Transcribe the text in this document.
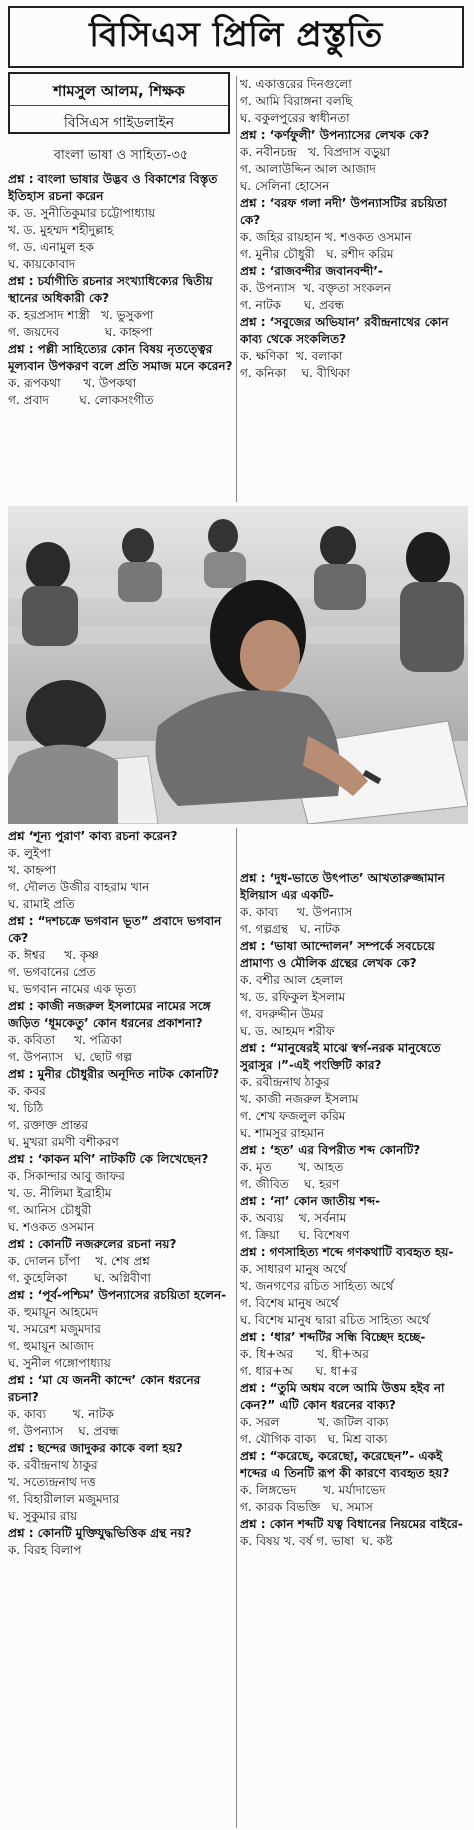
বিসিএস প্রিলি প্রস্তুতি
শামসুল আলম, শিক্ষক
বিসিএস গাইডলাইন
বাংলা ভাষা ও সাহিত্য-৩৫
প্রশ্ন : বাংলা ভাষার উদ্ভব ও বিকাশের বিস্তৃত ইতিহাস রচনা করেন
ক. ড. সুনীতিকুমার চট্টোপাধ্যায়
খ. ড. মুহম্মদ শহীদুল্লাহ
গ. ড. এনামুল হক
ঘ. কায়কোবাদ
প্রশ্ন : চর্যাগীতি রচনার সংখ্যাধিক্যের দ্বিতীয় স্থানের অধিকারী কে?
ক. হরপ্রসাদ শাস্ত্রী   খ. ভুসুকপা
গ. জয়দেব            ঘ. কাহ্নপা
প্রশ্ন : পল্লী সাহিত্যের কোন বিষয় নৃতত্ত্বের মূল্যবান উপকরণ বলে প্রতি সমাজ মনে করেন?
ক. রূপকথা      খ. উপকথা
গ. প্রবাদ        ঘ. লোকসংগীত
খ. একাত্তরের দিনগুলো
গ. আমি বিরাঙ্গনা বলছি
ঘ. বকুলপুরের স্বাধীনতা
প্রশ্ন : ‘কর্ণফুলী’ উপন্যাসের লেখক কে?
ক. নবীনচন্দ্র   খ. বিপ্রদাস বড়ুয়া
গ. আলাউদ্দিন আল আজাদ
ঘ. সেলিনা হোসেন
প্রশ্ন : ‘বরফ গলা নদী’ উপন্যাসটির রচয়িতা কে?
ক. জহির রায়হান খ. শওকত ওসমান
গ. মুনীর চৌধুরী   ঘ. রশীদ করিম
প্রশ্ন : ‘রাজবন্দীর জবানবন্দী’-
ক. উপন্যাস  খ. বক্তৃতা সংকলন
গ. নাটক      ঘ. প্রবন্ধ
প্রশ্ন : ‘সবুজের অভিযান’ রবীন্দ্রনাথের কোন কাব্য থেকে সংকলিত?
ক. ক্ষণিকা  খ. বলাকা
গ. কনিকা    ঘ. বীথিকা
প্রশ্ন ‘শূন্য পুরাণ’ কাব্য রচনা করেন?
ক. লুইপা
খ. কাহ্নপা
গ. দৌলত উজীর বাহরাম খান
ঘ. রামাই প্রতি
প্রশ্ন : “দশচক্রে ভগবান ভূত” প্রবাদে ভগবান কে?
ক. ঈশ্বর     খ. কৃষ্ণ
গ. ভগবানের প্রেত
ঘ. ভগবান নামের এক ভৃত্য
প্রশ্ন : কাজী নজরুল ইসলামের নামের সঙ্গে জড়িত ‘ধূমকেতু’ কোন ধরনের প্রকাশনা?
ক. কবিতা     খ. পত্রিকা
গ. উপন্যাস   ঘ. ছোট গল্প
প্রশ্ন : মুনীর চৌধুরীর অনূদিত নাটক কোনটি?
ক. কবর
খ. চিঠি
গ. রক্তাক্ত প্রান্তর
ঘ. মুখরা রমণী বশীকরণ
প্রশ্ন : ‘কাকন মণি’ নাটকটি কে লিখেছেন?
ক. সিকান্দার আবু জাফর
খ. ড. নীলিমা ইব্রাহীম
গ. আনিস চৌধুরী
ঘ. শওকত ওসমান
প্রশ্ন : কোনটি নজরুলের রচনা নয়?
ক. দোলন চাঁপা    খ. শেষ প্রশ্ন
গ. কুহেলিকা       ঘ. অগ্নিবীণা
প্রশ্ন : ‘পূর্ব-পশ্চিম’ উপন্যাসের রচয়িতা হলেন-
ক. হুমায়ূন আহমেদ
খ. সমরেশ মজুমদার
গ. হুমায়ূন আজাদ
ঘ. সুনীল গঙ্গোপাধ্যায়
প্রশ্ন : ‘মা যে জননী কান্দে’ কোন ধরনের রচনা?
ক. কাব্য       খ. নাটক
গ. উপন্যাস    ঘ. প্রবন্ধ
প্রশ্ন : ছন্দের জাদুকর কাকে বলা হয়?
ক. রবীন্দ্রনাথ ঠাকুর
খ. সত্যেন্দ্রনাথ দত্ত
গ. বিহারীলাল মজুমদার
ঘ. সুকুমার রায়
প্রশ্ন : কোনটি মুক্তিযুদ্ধভিত্তিক গ্রন্থ নয়?
ক. বিরহ বিলাপ
প্রশ্ন : ‘দুধ-ভাতে উৎপাত’ আখতারুজ্জামান ইলিয়াস এর একটি-
ক. কাব্য     খ. উপন্যাস
গ. গল্পগ্রন্থ   ঘ. নাটক
প্রশ্ন : ‘ভাষা আন্দোলন’ সম্পর্কে সবচেয়ে প্রামাণ্য ও মৌলিক গ্রন্থের লেখক কে?
ক. বশীর আল হেলাল
খ. ড. রফিকুল ইসলাম
গ. বদরুদ্দীন উমর
ঘ. ড. আহমদ শরীফ
প্রশ্ন : “মানুষেরই মাঝে স্বর্গ-নরক মানুষেতে সুরাসুর ।”-এই পংক্তিটি কার?
ক. রবীন্দ্রনাথ ঠাকুর
খ. কাজী নজরুল ইসলাম
গ. শেখ ফজলুল করিম
ঘ. শামসুর রাহমান
প্রশ্ন : ‘হত’ এর বিপরীত শব্দ কোনটি?
ক. মৃত       খ. আহত
গ. জীবিত    ঘ. হরণ
প্রশ্ন : ‘না’ কোন জাতীয় শব্দ-
ক. অব্যয়    খ. সর্বনাম
গ. ক্রিয়া     ঘ. বিশেষণ
প্রশ্ন : গণসাহিত্য শব্দে গণকথাটি ব্যবহৃত হয়-
ক. সাধারণ মানুষ অর্থে
খ. জনগণের রচিত সাহিত্য অর্থে
গ. বিশেষ মানুষ অর্থে
ঘ. বিশেষ মানুষ দ্বারা রচিত সাহিত্য অর্থে
প্রশ্ন : ‘ধার’ শব্দটির সন্ধি বিচ্ছেদ হচ্ছে-
ক. ধি+অর      খ. ধী+অর
গ. ধার+অ      ঘ. ধা+র
প্রশ্ন : “তুমি অধম বলে আমি উত্তম হইব না কেন?” এটি কোন ধরনের বাক্য?
ক. সরল          খ. জটিল বাক্য
গ. যৌগিক বাক্য   ঘ. মিশ্র বাক্য
প্রশ্ন : “করেছে, করেছো, করেছেন”- একই শব্দের এ তিনটি রূপ কী কারণে ব্যবহৃত হয়?
ক. লিঙ্গভেদ       খ. মর্যাদাভেদ
গ. কারক বিভক্তি   ঘ. সমাস
প্রশ্ন : কোন শব্দটি যত্ব বিধানের নিয়মের বাইরে-
ক. বিষয় খ. বর্ষ গ. ভাষা  ঘ. কষ্ট
